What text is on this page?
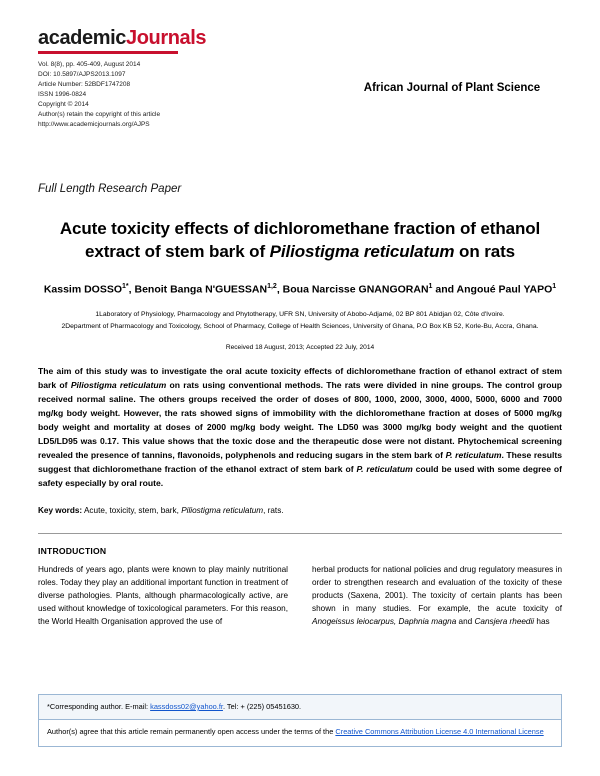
academicJournals
Vol. 8(8), pp. 405-409, August 2014
DOI: 10.5897/AJPS2013.1097
Article Number: 52BDF1747208
ISSN 1996-0824
Copyright © 2014
Author(s) retain the copyright of this article
http://www.academicjournals.org/AJPS
African Journal of Plant Science
Full Length Research Paper
Acute toxicity effects of dichloromethane fraction of ethanol extract of stem bark of Piliostigma reticulatum on rats
Kassim $DOSSO^{1*}$, Benoit Banga N'GUESSAN$^{1,2}$, Boua Narcisse GNANGORAN$^1$ and Angoué Paul YAPO$^1$
1Laboratory of Physiology, Pharmacology and Phytotherapy, UFR SN, University of Abobo-Adjamé, 02 BP 801 Abidjan 02, Côte d'Ivoire.
2Department of Pharmacology and Toxicology, School of Pharmacy, College of Health Sciences, University of Ghana, P.O Box KB 52, Korle-Bu, Accra, Ghana.
Received 18 August, 2013; Accepted 22 July, 2014
The aim of this study was to investigate the oral acute toxicity effects of dichloromethane fraction of ethanol extract of stem bark of Piliostigma reticulatum on rats using conventional methods. The rats were divided in nine groups. The control group received normal saline. The others groups received the order of doses of 800, 1000, 2000, 3000, 4000, 5000, 6000 and 7000 mg/kg body weight. However, the rats showed signs of immobility with the dichloromethane fraction at doses of 5000 mg/kg body weight and mortality at doses of 2000 mg/kg body weight. The LD50 was 3000 mg/kg body weight and the quotient LD5/LD95 was 0.17. This value shows that the toxic dose and the therapeutic dose were not distant. Phytochemical screening revealed the presence of tannins, flavonoids, polyphenols and reducing sugars in the stem bark of P. reticulatum. These results suggest that dichloromethane fraction of the ethanol extract of stem bark of P. reticulatum could be used with some degree of safety especially by oral route.
Key words: Acute, toxicity, stem, bark, Piliostigma reticulatum, rats.
INTRODUCTION

Hundreds of years ago, plants were known to play mainly nutritional roles. Today they play an additional important function in treatment of diverse pathologies. Plants, although pharmacologically active, are used without knowledge of toxicological parameters. For this reason, the World Health Organisation approved the use of

herbal products for national policies and drug regulatory measures in order to strengthen research and evaluation of the toxicity of these products (Saxena, 2001). The toxicity of certain plants has been shown in many studies. For example, the acute toxicity of Anogeissus leiocarpus, Daphnia magna and Cansjera rheedii has

*Corresponding author. E-mail: kassdoss02@yahoo.fr. Tel: + (225) 05451630.
Author(s) agree that this article remain permanently open access under the terms of the Creative Commons Attribution License 4.0 International License
